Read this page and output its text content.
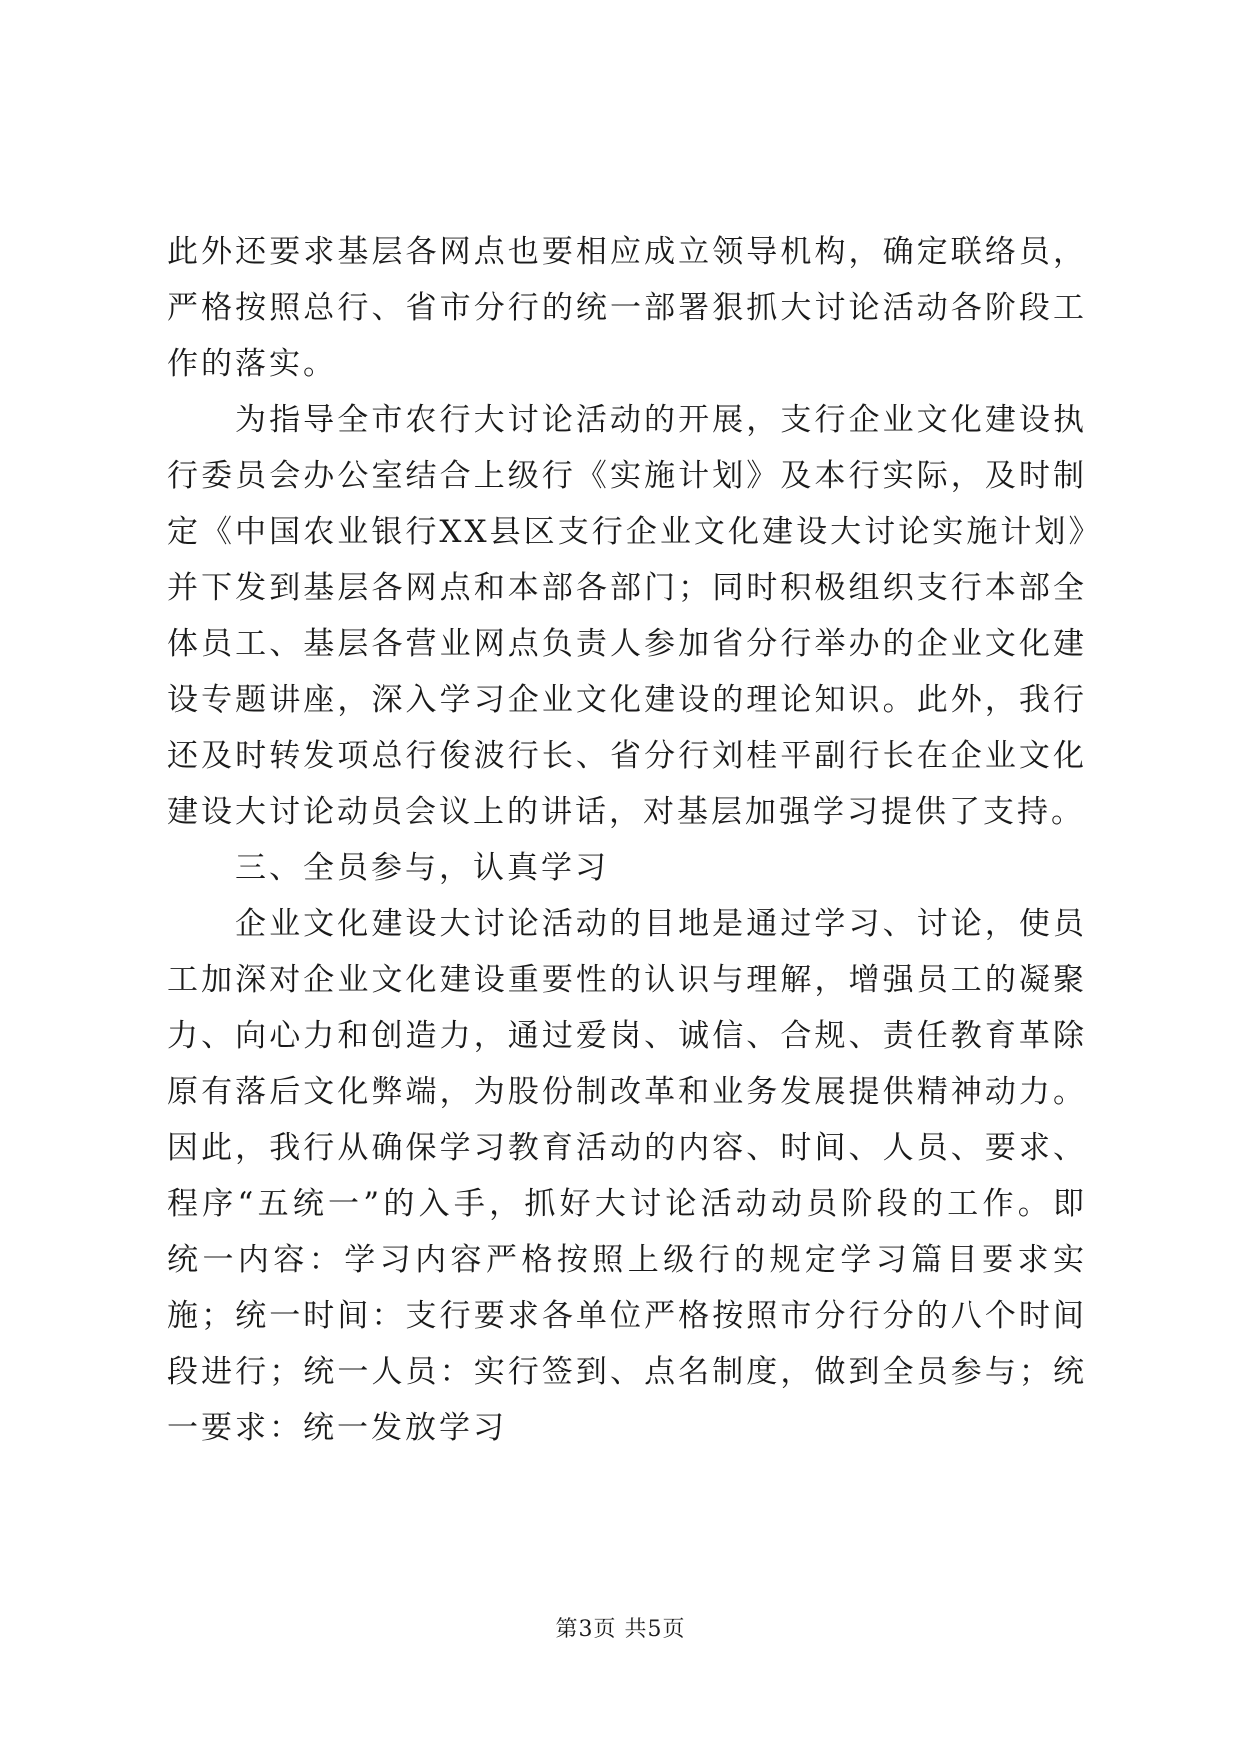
此外还要求基层各网点也要相应成立领导机构，确定联络员，严格按照总行、省市分行的统一部署狠抓大讨论活动各阶段工作的落实。

为指导全市农行大讨论活动的开展，支行企业文化建设执行委员会办公室结合上级行《实施计划》及本行实际，及时制定《中国农业银行XX县区支行企业文化建设大讨论实施计划》并下发到基层各网点和本部各部门；同时积极组织支行本部全体员工、基层各营业网点负责人参加省分行举办的企业文化建设专题讲座，深入学习企业文化建设的理论知识。此外，我行还及时转发项总行俊波行长、省分行刘桂平副行长在企业文化建设大讨论动员会议上的讲话，对基层加强学习提供了支持。

三、全员参与，认真学习

企业文化建设大讨论活动的目地是通过学习、讨论，使员工加深对企业文化建设重要性的认识与理解，增强员工的凝聚力、向心力和创造力，通过爱岗、诚信、合规、责任教育革除原有落后文化弊端，为股份制改革和业务发展提供精神动力。因此，我行从确保学习教育活动的内容、时间、人员、要求、程序“五统一”的入手，抓好大讨论活动动员阶段的工作。即统一内容：学习内容严格按照上级行的规定学习篇目要求实施；统一时间：支行要求各单位严格按照市分行分的八个时间段进行；统一人员：实行签到、点名制度，做到全员参与；统一要求：统一发放学习

第3页 共5页
